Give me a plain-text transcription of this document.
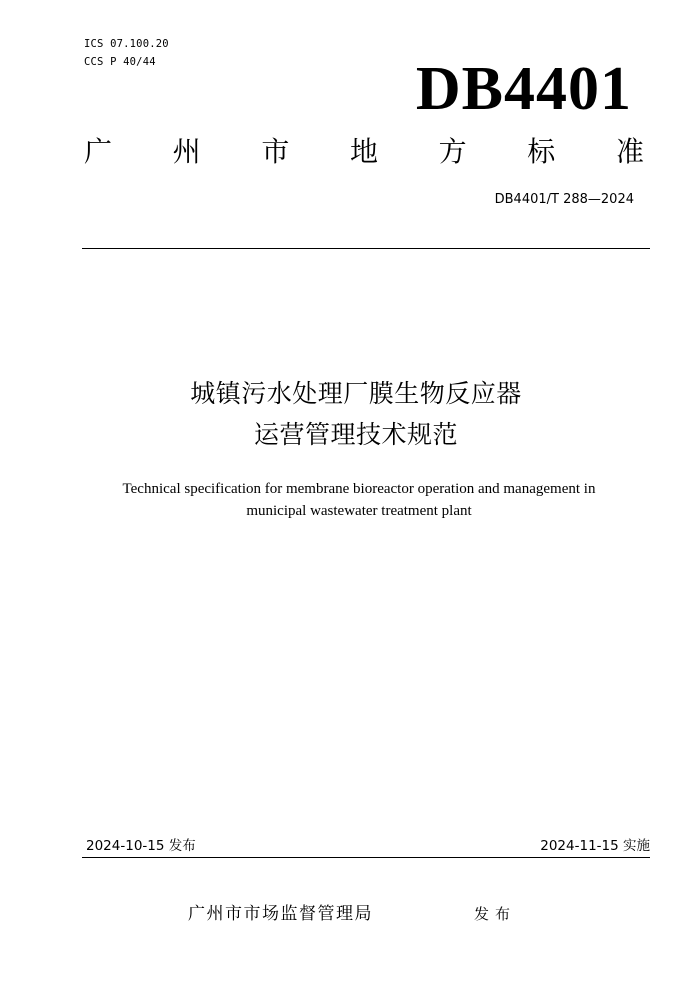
ICS 07.100.20
CCS P 40/44	DB4401
广 州 市 地 方 标 准
DB4401/T 288—2024
城镇污水处理厂膜生物反应器
运营管理技术规范
Technical specification for membrane bioreactor operation and management in
municipal wastewater treatment plant
2024-10-15 发布	2024-11-15 实施
广州市市场监督管理局	发布
